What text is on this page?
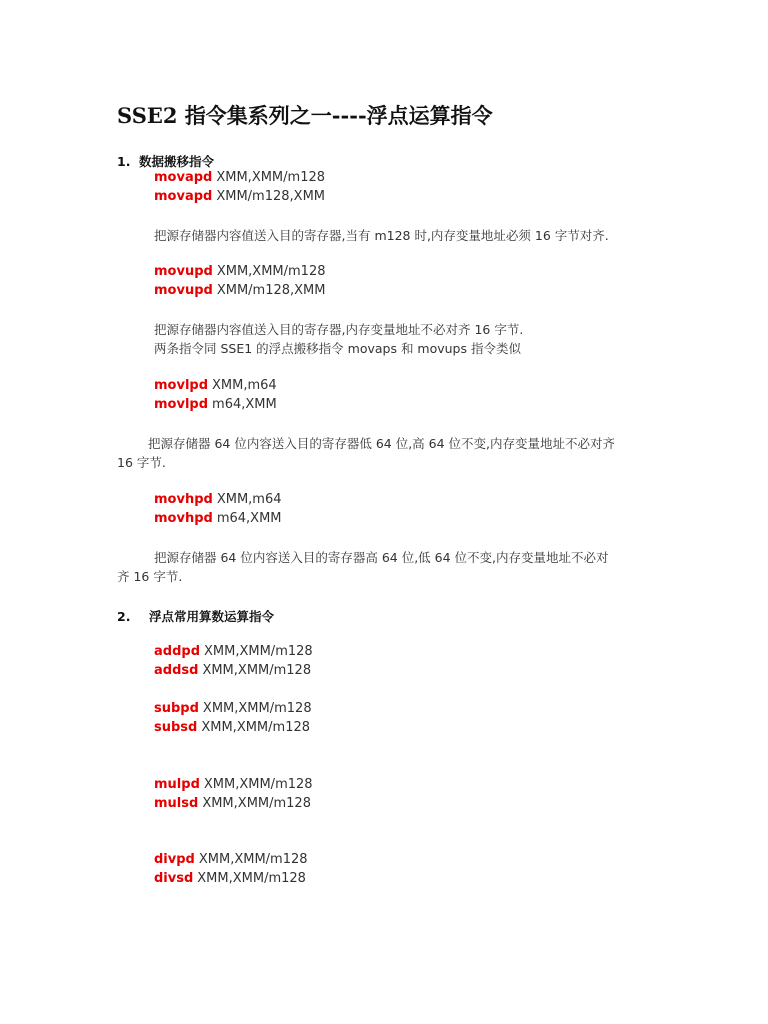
SSE2 指令集系列之一----浮点运算指令
1. 数据搬移指令
movapd XMM,XMM/m128
movapd XMM/m128,XMM
把源存储器内容值送入目的寄存器,当有 m128 时,内存变量地址必须 16 字节对齐.
movupd XMM,XMM/m128
movupd XMM/m128,XMM
把源存储器内容值送入目的寄存器,内存变量地址不必对齐 16 字节.
两条指令同 SSE1 的浮点搬移指令 movaps 和 movups 指令类似
movlpd XMM,m64
movlpd m64,XMM
把源存储器 64 位内容送入目的寄存器低 64 位,高 64 位不变,内存变量地址不必对齐
16 字节.
movhpd XMM,m64
movhpd m64,XMM
把源存储器 64 位内容送入目的寄存器高 64 位,低 64 位不变,内存变量地址不必对
齐 16 字节.
2. 浮点常用算数运算指令
addpd XMM,XMM/m128
addsd XMM,XMM/m128
subpd XMM,XMM/m128
subsd XMM,XMM/m128
mulpd XMM,XMM/m128
mulsd XMM,XMM/m128
divpd XMM,XMM/m128
divsd XMM,XMM/m128
